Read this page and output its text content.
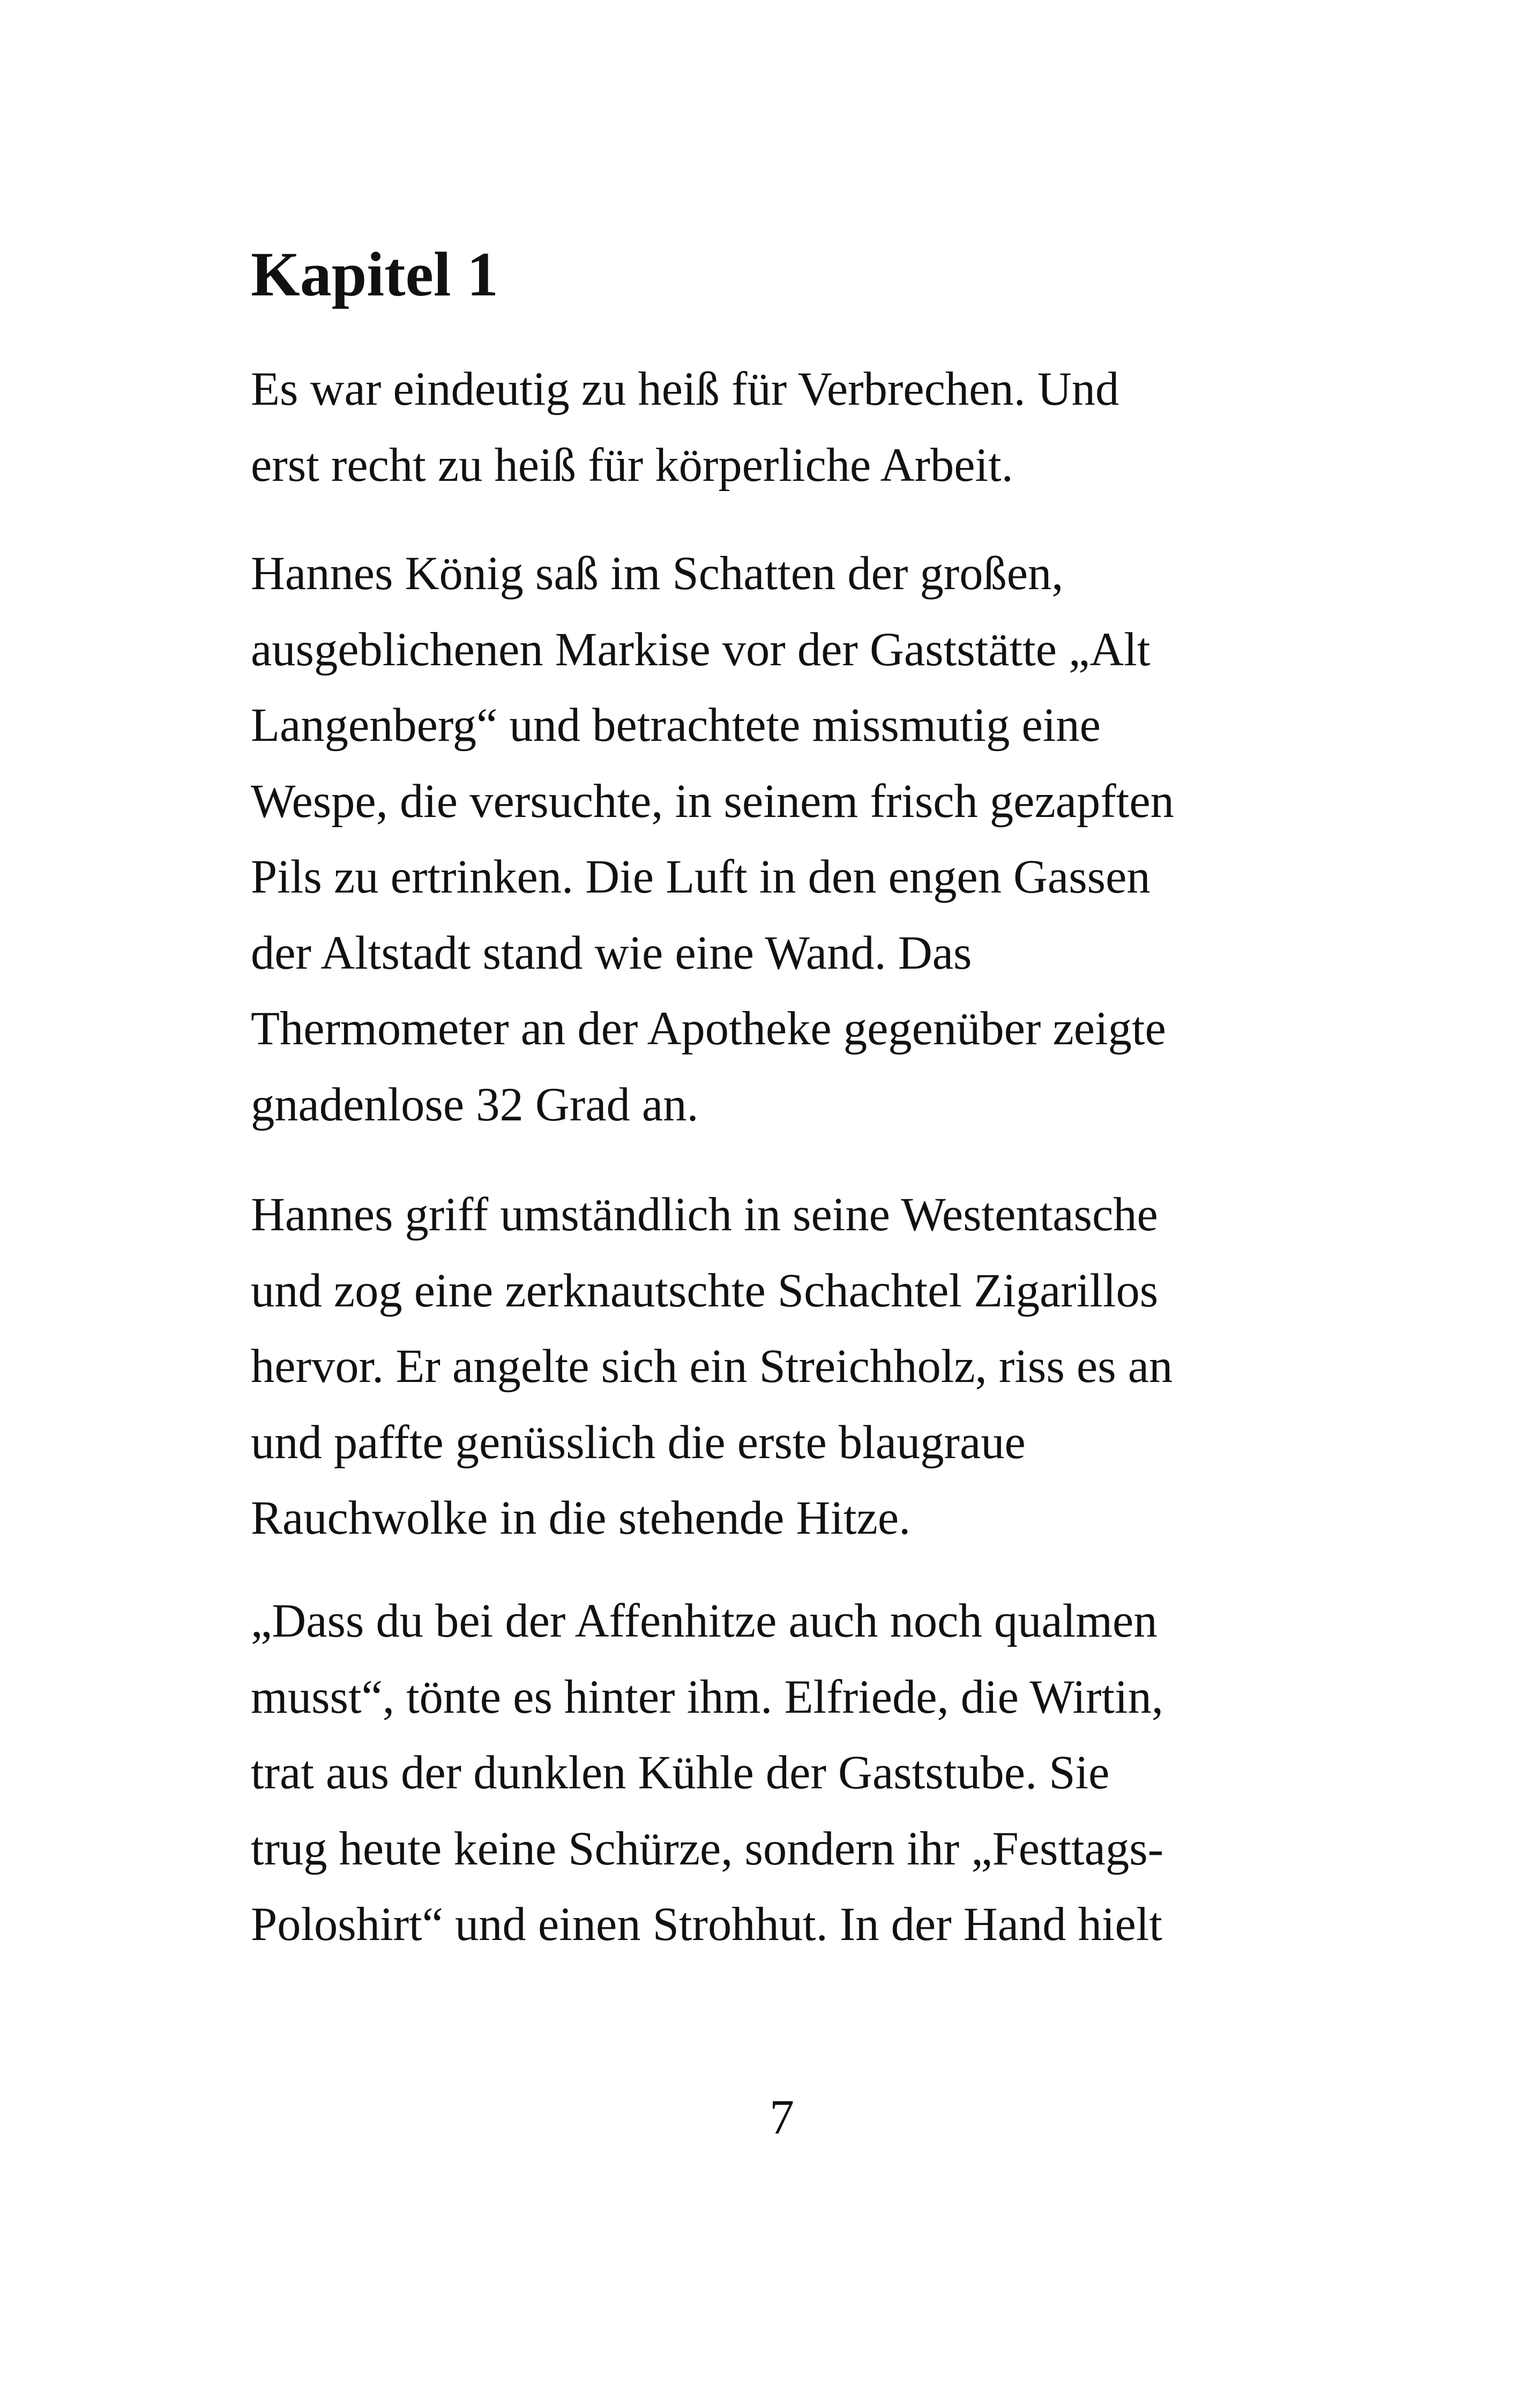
Kapitel 1

Es war eindeutig zu heiß für Verbrechen. Und
erst recht zu heiß für körperliche Arbeit.

Hannes König saß im Schatten der großen,
ausgeblichenen Markise vor der Gaststätte „Alt
Langenberg“ und betrachtete missmutig eine
Wespe, die versuchte, in seinem frisch gezapften
Pils zu ertrinken. Die Luft in den engen Gassen
der Altstadt stand wie eine Wand. Das
Thermometer an der Apotheke gegenüber zeigte
gnadenlose 32 Grad an.

Hannes griff umständlich in seine Westentasche
und zog eine zerknautschte Schachtel Zigarillos
hervor. Er angelte sich ein Streichholz, riss es an
und paffte genüsslich die erste blaugraue
Rauchwolke in die stehende Hitze.

„Dass du bei der Affenhitze auch noch qualmen
musst“, tönte es hinter ihm. Elfriede, die Wirtin,
trat aus der dunklen Kühle der Gaststube. Sie
trug heute keine Schürze, sondern ihr „Festtags-
Poloshirt“ und einen Strohhut. In der Hand hielt

7
